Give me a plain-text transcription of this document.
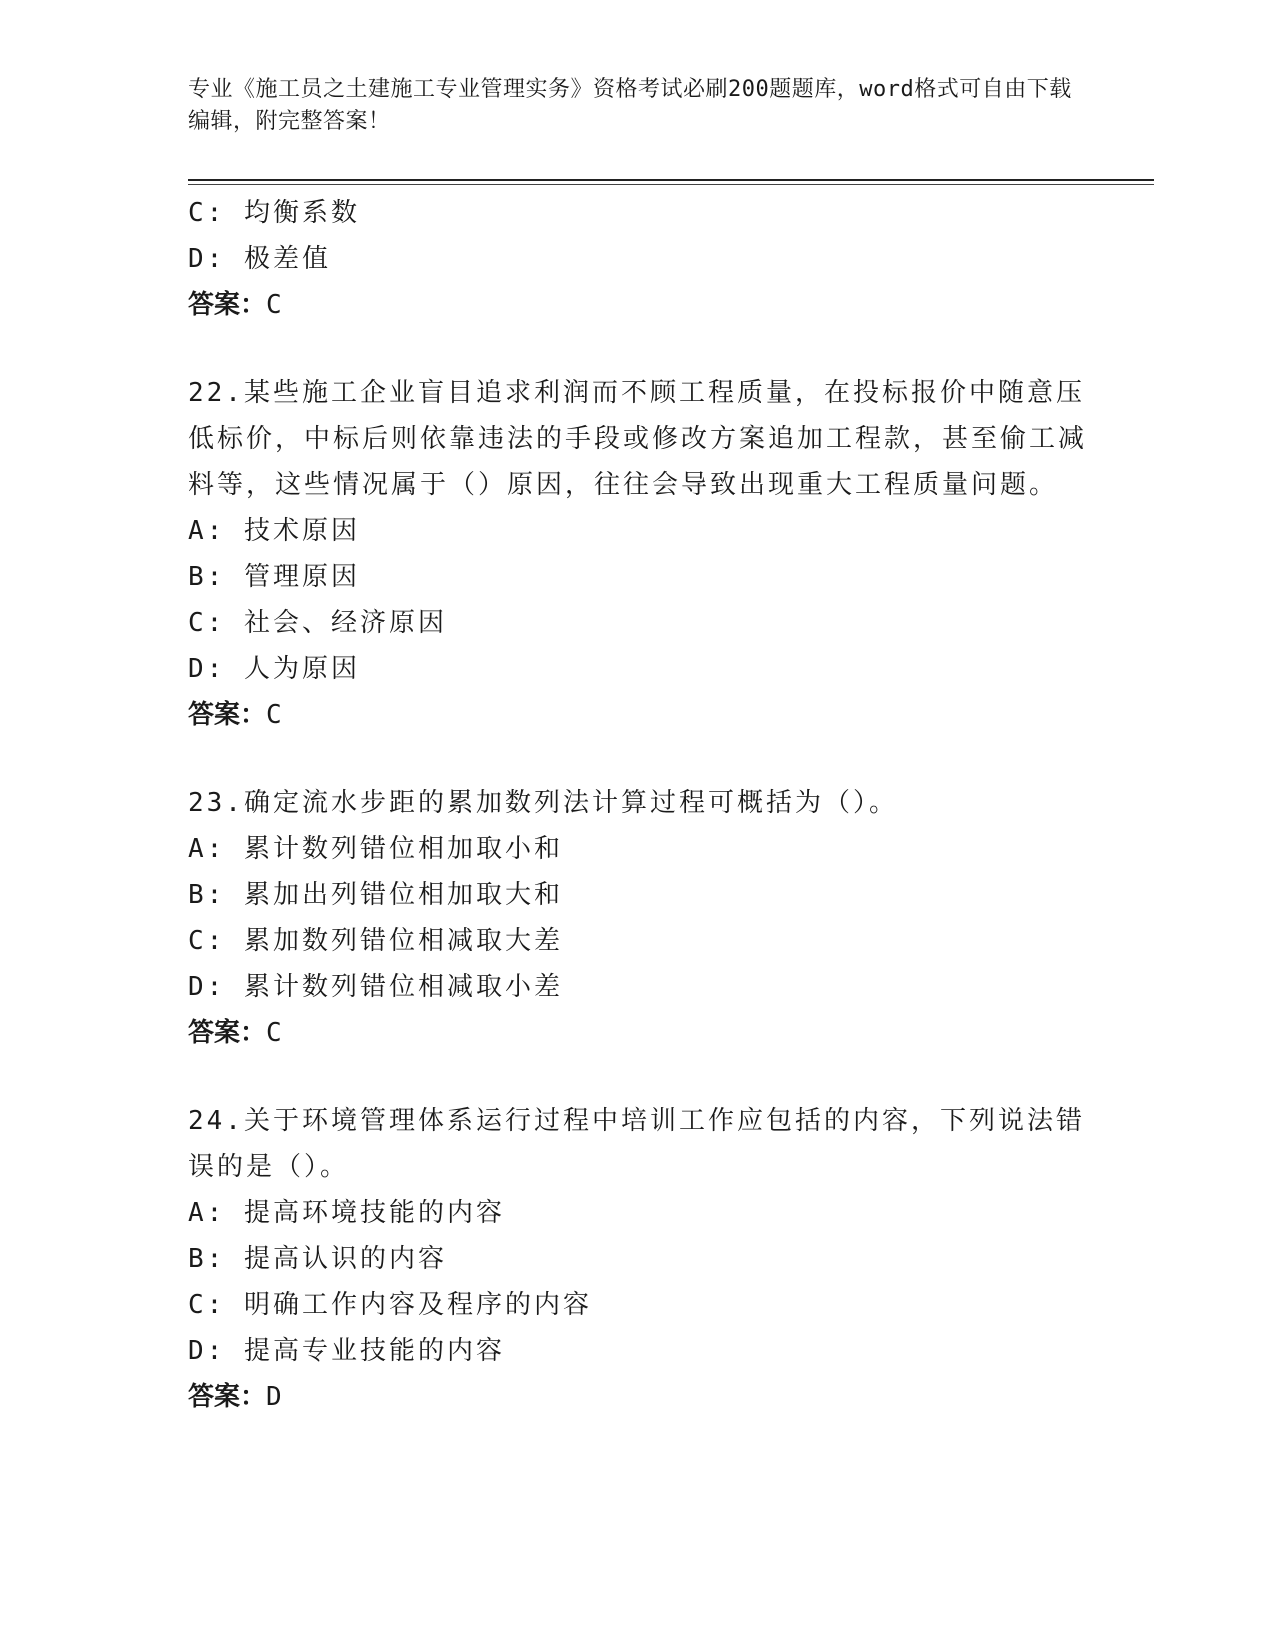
专业《施工员之土建施工专业管理实务》资格考试必刷200题题库，word格式可自由下载编辑，附完整答案！
C: 均衡系数
D: 极差值
答案：C
22.某些施工企业盲目追求利润而不顾工程质量，在投标报价中随意压低标价，中标后则依靠违法的手段或修改方案追加工程款，甚至偷工减料等，这些情况属于（）原因，往往会导致出现重大工程质量问题。
A: 技术原因
B: 管理原因
C: 社会、经济原因
D: 人为原因
答案：C
23.确定流水步距的累加数列法计算过程可概括为（）。
A: 累计数列错位相加取小和
B: 累加出列错位相加取大和
C: 累加数列错位相减取大差
D: 累计数列错位相减取小差
答案：C
24.关于环境管理体系运行过程中培训工作应包括的内容，下列说法错误的是（）。
A: 提高环境技能的内容
B: 提高认识的内容
C: 明确工作内容及程序的内容
D: 提高专业技能的内容
答案：D
